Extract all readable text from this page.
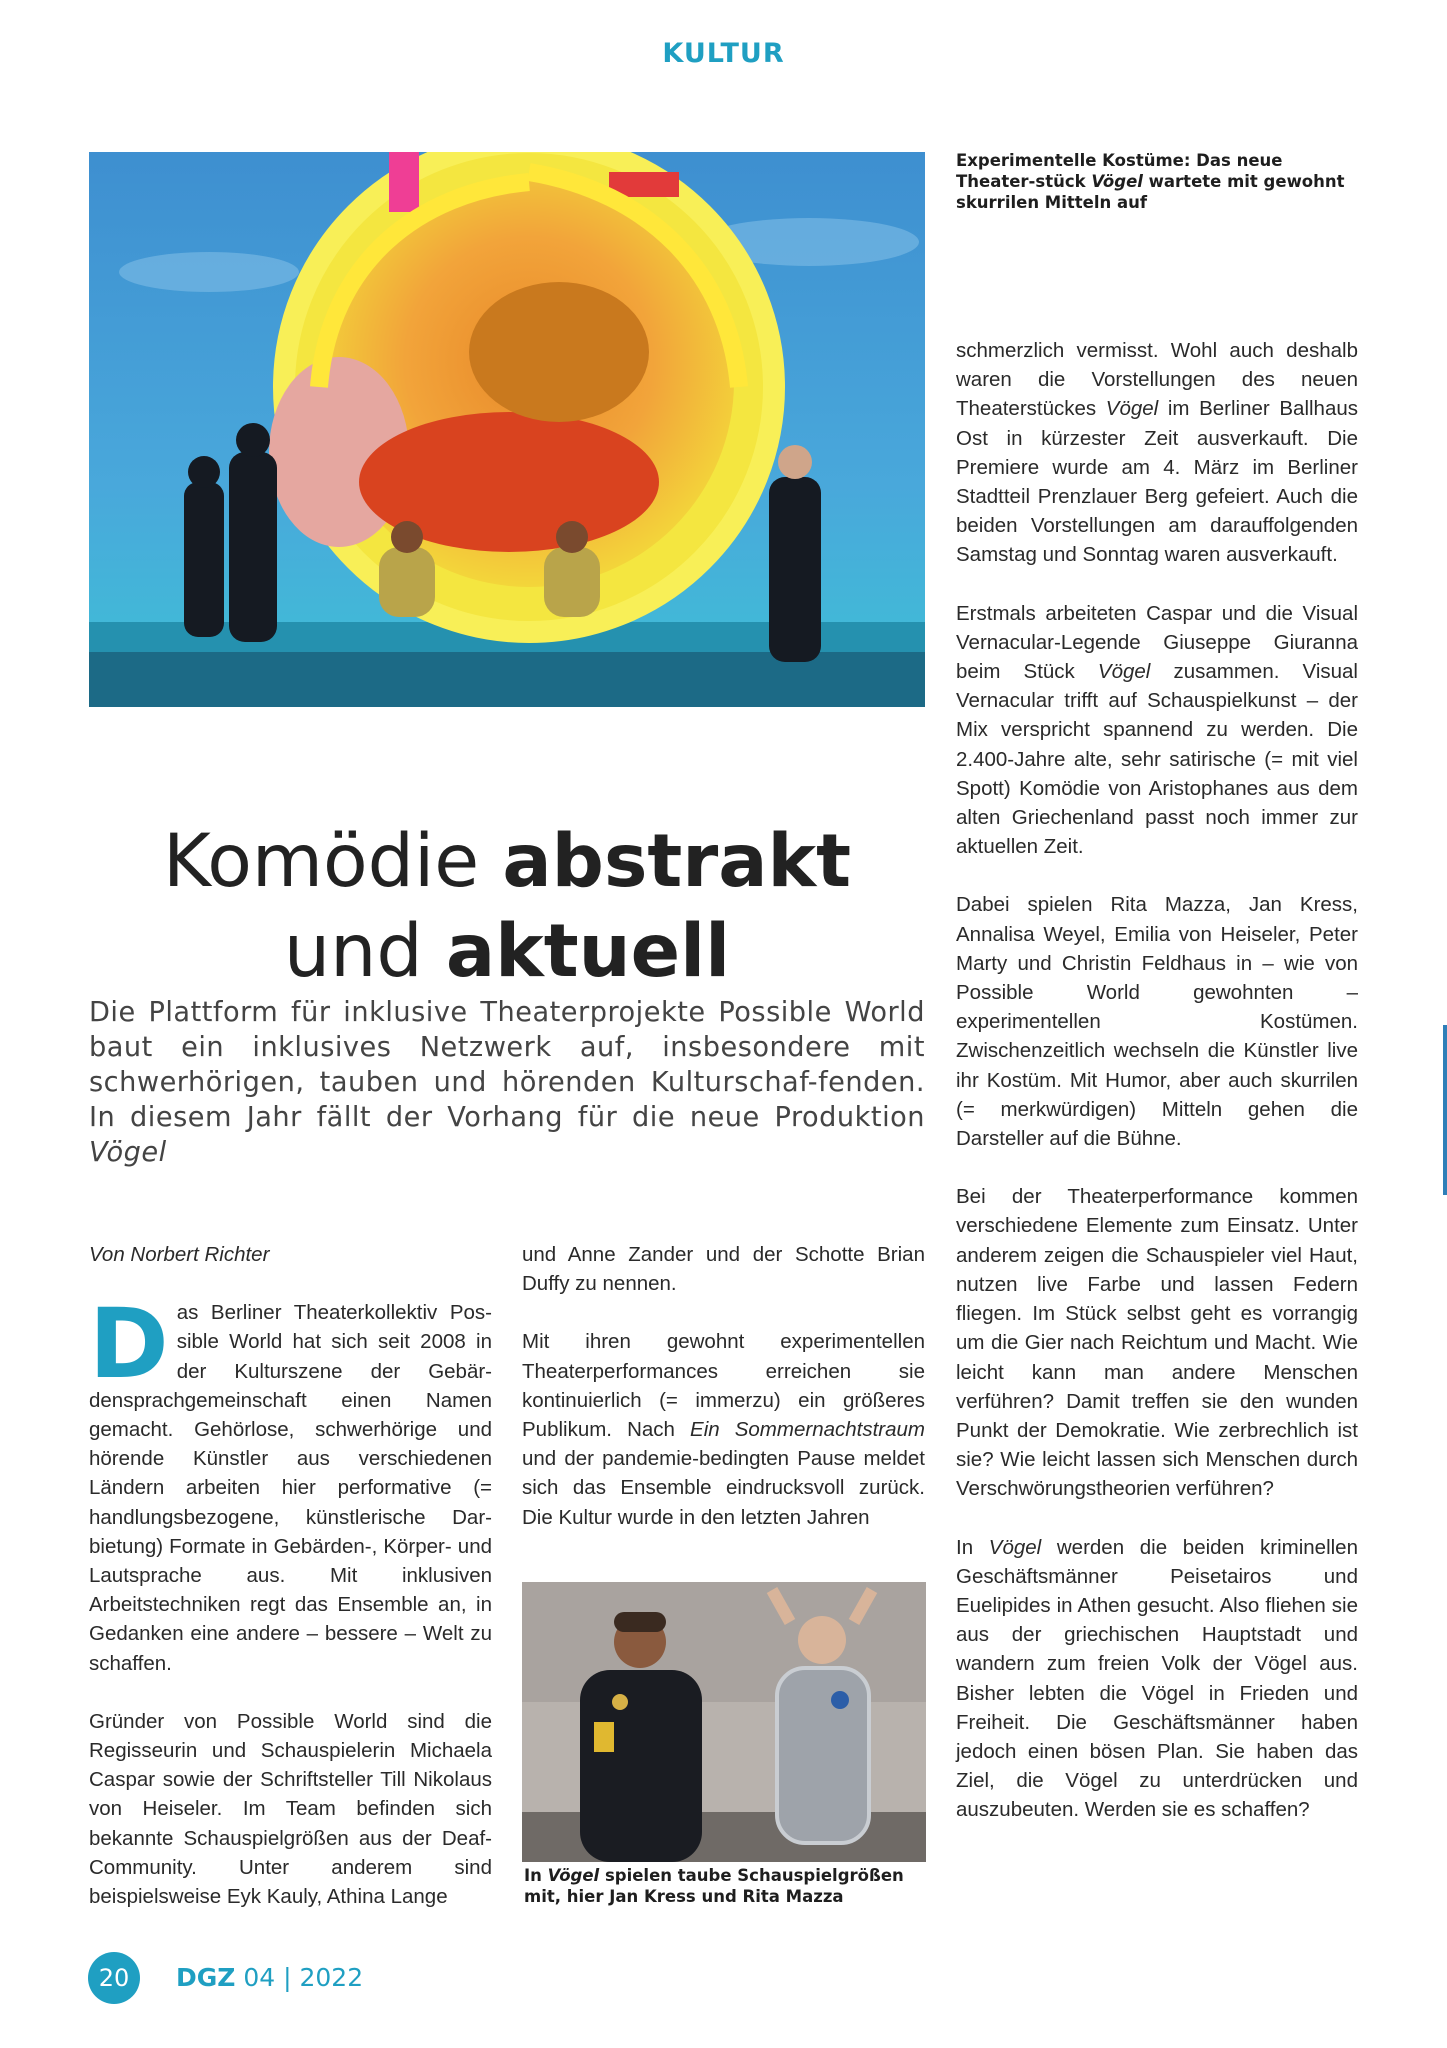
KULTUR
Experimentelle Kostüme: Das neue Theater-stück Vögel wartete mit gewohnt skurrilen Mitteln auf
Komödie abstrakt
und aktuell
Die Plattform für inklusive Theaterprojekte Possible World baut ein inklusives Netzwerk auf, insbesondere mit schwerhörigen, tauben und hörenden Kulturschaf-fenden. In diesem Jahr fällt der Vorhang für die neue Produktion Vögel

Von Norbert Richter

Das Berliner Theaterkollektiv Pos-sible World hat sich seit 2008 in der Kulturszene der Gebär-densprachgemeinschaft einen Namen gemacht. Gehörlose, schwerhörige und hörende Künstler aus verschiedenen Ländern arbeiten hier performative (= handlungsbezogene, künstlerische Dar-bietung) Formate in Gebärden-, Körper- und Lautsprache aus. Mit inklusiven Arbeitstechniken regt das Ensemble an, in Gedanken eine andere – bessere – Welt zu schaffen.

Gründer von Possible World sind die Regisseurin und Schauspielerin Michaela Caspar sowie der Schriftsteller Till Nikolaus von Heiseler. Im Team befinden sich bekannte Schauspielgrößen aus der Deaf-Community. Unter anderem sind beispielsweise Eyk Kauly, Athina Lange

und Anne Zander und der Schotte Brian Duffy zu nennen.

Mit ihren gewohnt experimentellen Theaterperformances erreichen sie kontinuierlich (= immerzu) ein größeres Publikum. Nach Ein Sommernachtstraum und der pandemie-bedingten Pause meldet sich das Ensemble eindrucksvoll zurück. Die Kultur wurde in den letzten Jahren

In Vögel spielen taube Schauspielgrößen mit, hier Jan Kress und Rita Mazza

schmerzlich vermisst. Wohl auch deshalb waren die Vorstellungen des neuen Theaterstückes Vögel im Berliner Ballhaus Ost in kürzester Zeit ausverkauft. Die Premiere wurde am 4. März im Berliner Stadtteil Prenzlauer Berg gefeiert. Auch die beiden Vorstellungen am darauffolgenden Samstag und Sonntag waren ausverkauft.

Erstmals arbeiteten Caspar und die Visual Vernacular-Legende Giuseppe Giuranna beim Stück Vögel zusammen. Visual Vernacular trifft auf Schauspielkunst – der Mix verspricht spannend zu werden. Die 2.400-Jahre alte, sehr satirische (= mit viel Spott) Komödie von Aristophanes aus dem alten Griechenland passt noch immer zur aktuellen Zeit.

Dabei spielen Rita Mazza, Jan Kress, Annalisa Weyel, Emilia von Heiseler, Peter Marty und Christin Feldhaus in – wie von Possible World gewohnten – experimentellen Kostümen. Zwischenzeitlich wechseln die Künstler live ihr Kostüm. Mit Humor, aber auch skurrilen (= merkwürdigen) Mitteln gehen die Darsteller auf die Bühne.

Bei der Theaterperformance kommen verschiedene Elemente zum Einsatz. Unter anderem zeigen die Schauspieler viel Haut, nutzen live Farbe und lassen Federn fliegen. Im Stück selbst geht es vorrangig um die Gier nach Reichtum und Macht. Wie leicht kann man andere Menschen verführen? Damit treffen sie den wunden Punkt der Demokratie. Wie zerbrechlich ist sie? Wie leicht lassen sich Menschen durch Verschwörungstheorien verführen?

In Vögel werden die beiden kriminellen Geschäftsmänner Peisetairos und Euelipides in Athen gesucht. Also fliehen sie aus der griechischen Hauptstadt und wandern zum freien Volk der Vögel aus. Bisher lebten die Vögel in Frieden und Freiheit. Die Geschäftsmänner haben jedoch einen bösen Plan. Sie haben das Ziel, die Vögel zu unterdrücken und auszubeuten. Werden sie es schaffen?

20	DGZ 04 | 2022
